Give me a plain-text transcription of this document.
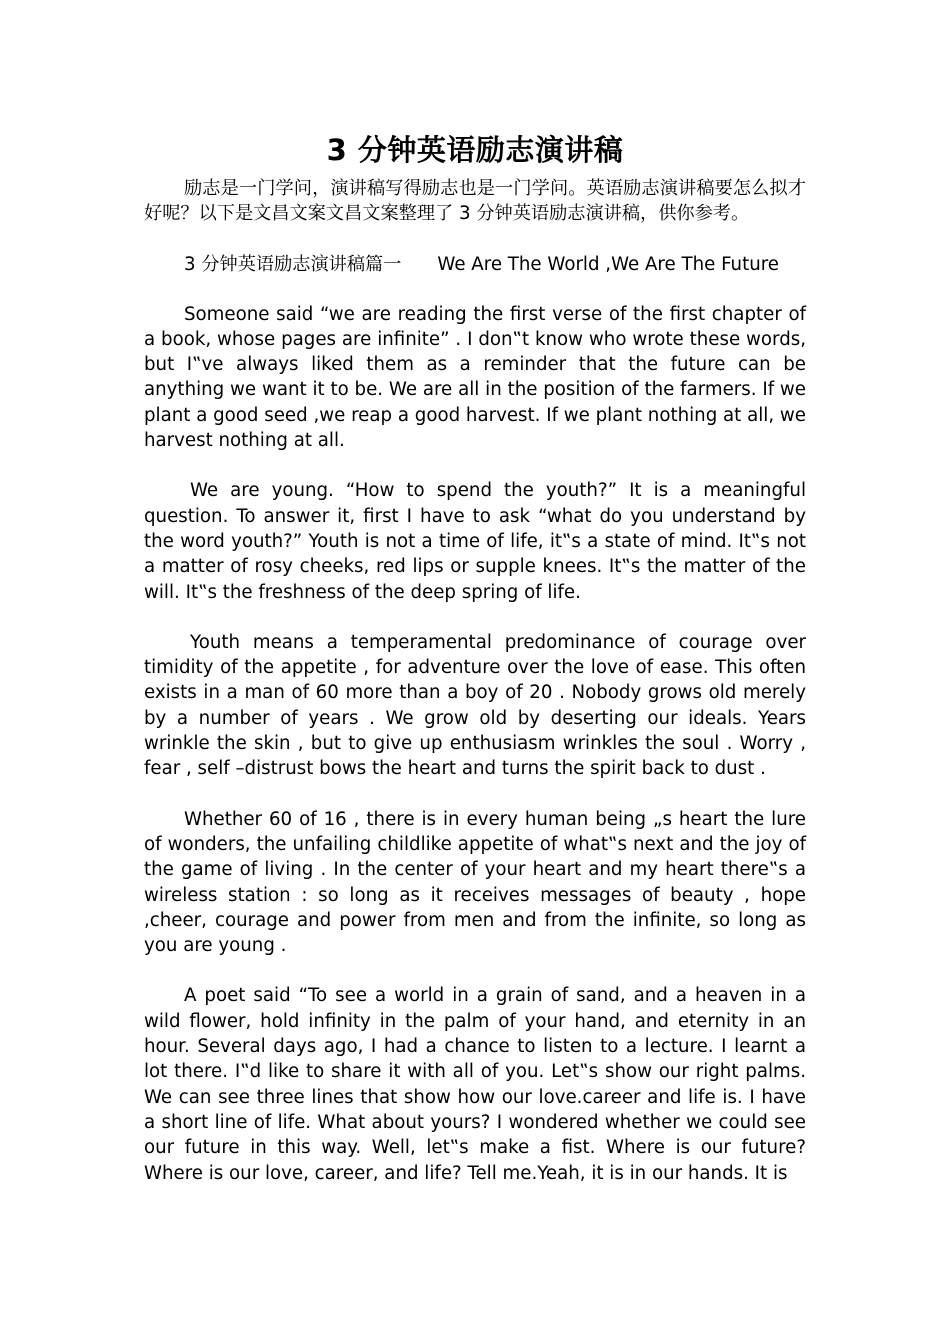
3 分钟英语励志演讲稿

励志是一门学问，演讲稿写得励志也是一门学问。英语励志演讲稿要怎么拟才好呢？以下是文昌文案文昌文案整理了 3 分钟英语励志演讲稿，供你参考。

3 分钟英语励志演讲稿篇一 We Are The World ,We Are The Future

Someone said “we are reading the first verse of the first chapter of a book, whose pages are infinite” . I don‟t know who wrote these words, but I‟ve always liked them as a reminder that the future can be anything we want it to be. We are all in the position of the farmers. If we plant a good seed ,we reap a good harvest. If we plant nothing at all, we harvest nothing at all.

We are young. “How to spend the youth?” It is a meaningful question. To answer it, first I have to ask “what do you understand by the word youth?” Youth is not a time of life, it‟s a state of mind. It‟s not a matter of rosy cheeks, red lips or supple knees. It‟s the matter of the will. It‟s the freshness of the deep spring of life.

Youth means a temperamental predominance of courage over timidity of the appetite , for adventure over the love of ease. This often exists in a man of 60 more than a boy of 20 . Nobody grows old merely by a number of years . We grow old by deserting our ideals. Years wrinkle the skin , but to give up enthusiasm wrinkles the soul . Worry , fear , self –distrust bows the heart and turns the spirit back to dust .

Whether 60 of 16 , there is in every human being „s heart the lure of wonders, the unfailing childlike appetite of what‟s next and the joy of the game of living . In the center of your heart and my heart there‟s a wireless station : so long as it receives messages of beauty , hope ,cheer, courage and power from men and from the infinite, so long as you are young .

A poet said “To see a world in a grain of sand, and a heaven in a wild flower, hold infinity in the palm of your hand, and eternity in an hour. Several days ago, I had a chance to listen to a lecture. I learnt a lot there. I‟d like to share it with all of you. Let‟s show our right palms. We can see three lines that show how our love.career and life is. I have a short line of life. What about yours? I wondered whether we could see our future in this way. Well, let‟s make a fist. Where is our future? Where is our love, career, and life? Tell me.Yeah, it is in our hands. It is
